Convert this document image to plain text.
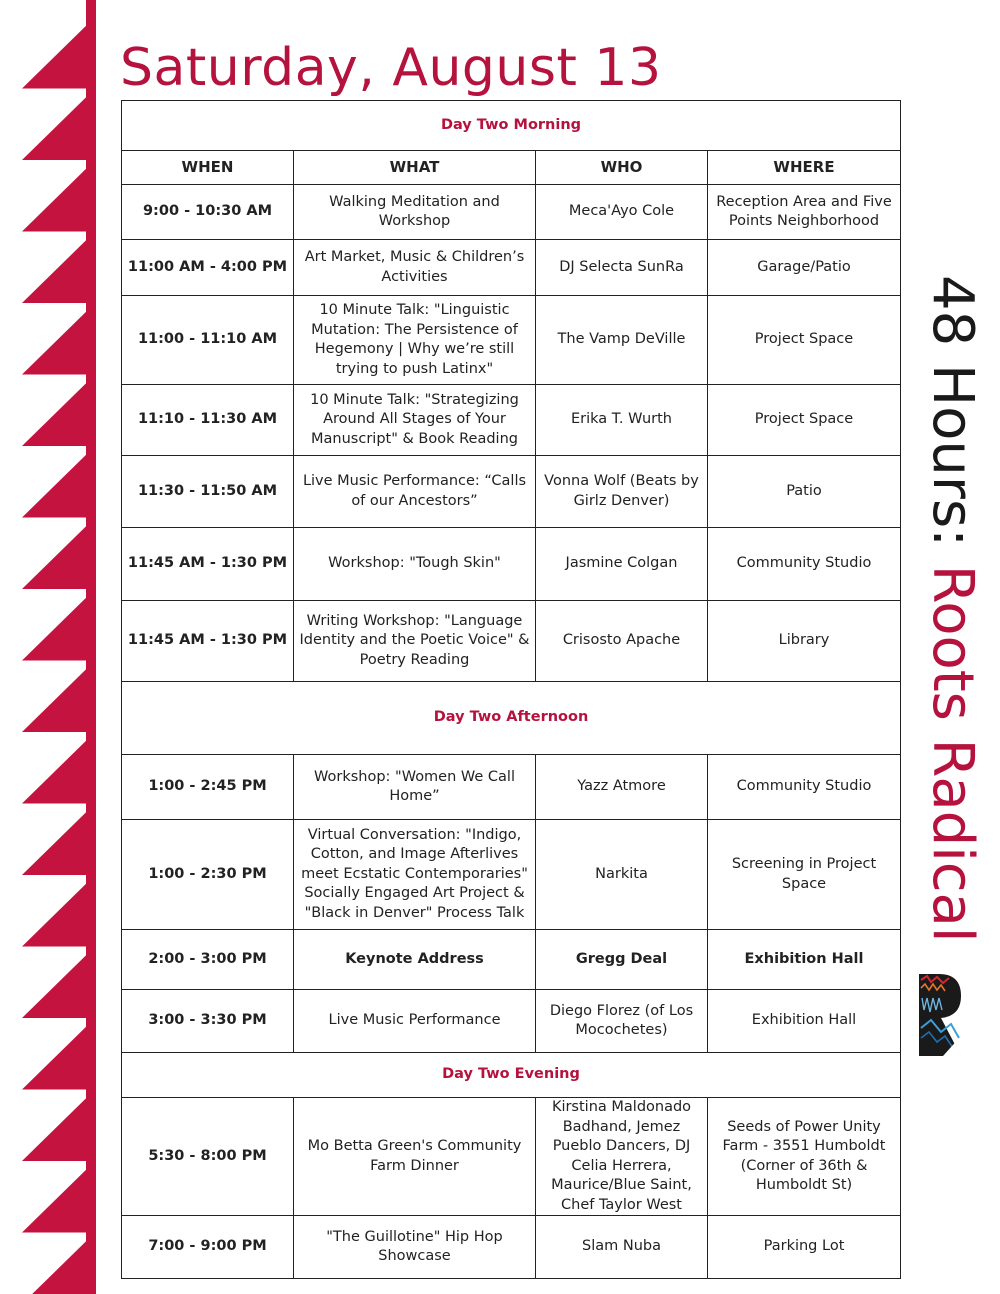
Saturday, August 13
Day Two Morning			
WHEN	WHAT	WHO	WHERE
9:00 - 10:30 AM	Walking Meditation and Workshop	Meca'Ayo Cole	Reception Area and Five Points Neighborhood
11:00 AM - 4:00 PM	Art Market, Music & Children’s Activities	DJ Selecta SunRa	Garage/Patio
11:00 - 11:10 AM	10 Minute Talk: "Linguistic Mutation: The Persistence of Hegemony | Why we’re still trying to push Latinx"	The Vamp DeVille	Project Space
11:10 - 11:30 AM	10 Minute Talk: "Strategizing Around All Stages of Your Manuscript" & Book Reading	Erika T. Wurth	Project Space
11:30 - 11:50 AM	Live Music Performance: “Calls of our Ancestors”	Vonna Wolf (Beats by Girlz Denver)	Patio
11:45 AM - 1:30 PM	Workshop: "Tough Skin"	Jasmine Colgan	Community Studio
11:45 AM - 1:30 PM	Writing Workshop: "Language Identity and the Poetic Voice" & Poetry Reading	Crisosto Apache	Library
Day Two Afternoon			
1:00 - 2:45 PM	Workshop: "Women We Call Home”	Yazz Atmore	Community Studio
1:00 - 2:30 PM	Virtual Conversation: "Indigo, Cotton, and Image Afterlives meet Ecstatic Contemporaries" Socially Engaged Art Project & "Black in Denver" Process Talk	Narkita	Screening in Project Space
2:00 - 3:00 PM	Keynote Address	Gregg Deal	Exhibition Hall
3:00 - 3:30 PM	Live Music Performance	Diego Florez (of Los Mocochetes)	Exhibition Hall
Day Two Evening			
5:30 - 8:00 PM	Mo Betta Green's Community Farm Dinner	Kirstina Maldonado Badhand, Jemez Pueblo Dancers, DJ Celia Herrera, Maurice/Blue Saint, Chef Taylor West	Seeds of Power Unity Farm - 3551 Humboldt (Corner of 36th & Humboldt St)
7:00 - 9:00 PM	"The Guillotine" Hip Hop Showcase	Slam Nuba	Parking Lot
48 Hours: Roots Radical
